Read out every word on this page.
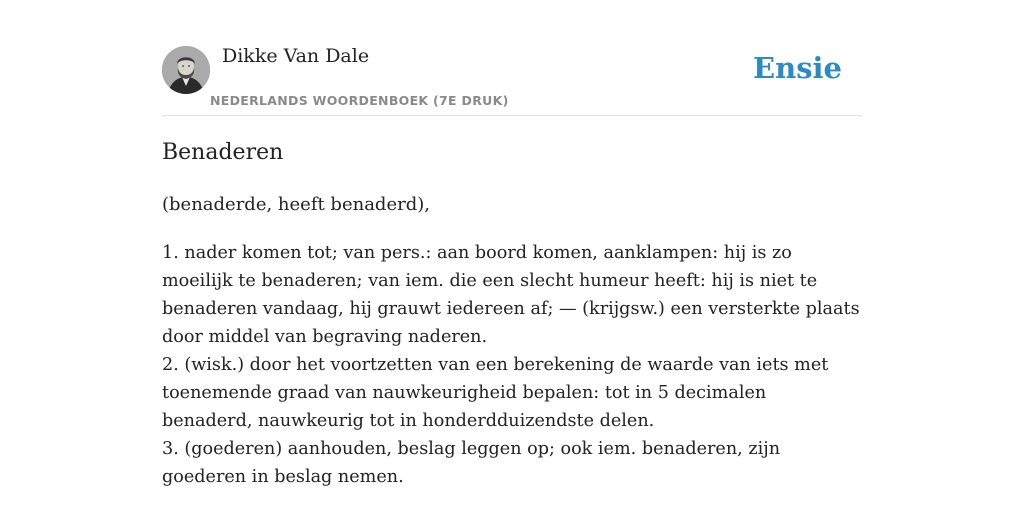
Dikke Van Dale
NEDERLANDS WOORDENBOEK (7E DRUK)
Ensie
Benaderen
(benaderde, heeft benaderd),

1. nader komen tot; van pers.: aan boord komen, aanklampen: hij is zo moeilijk te benaderen; van iem. die een slecht humeur heeft: hij is niet te benaderen vandaag, hij grauwt iedereen af; — (krijgsw.) een versterkte plaats door middel van begraving naderen.

2. (wisk.) door het voortzetten van een berekening de waarde van iets met toenemende graad van nauwkeurigheid bepalen: tot in 5 decimalen benaderd, nauwkeurig tot in honderdduizendste delen.

3. (goederen) aanhouden, beslag leggen op; ook iem. benaderen, zijn goederen in beslag nemen.
